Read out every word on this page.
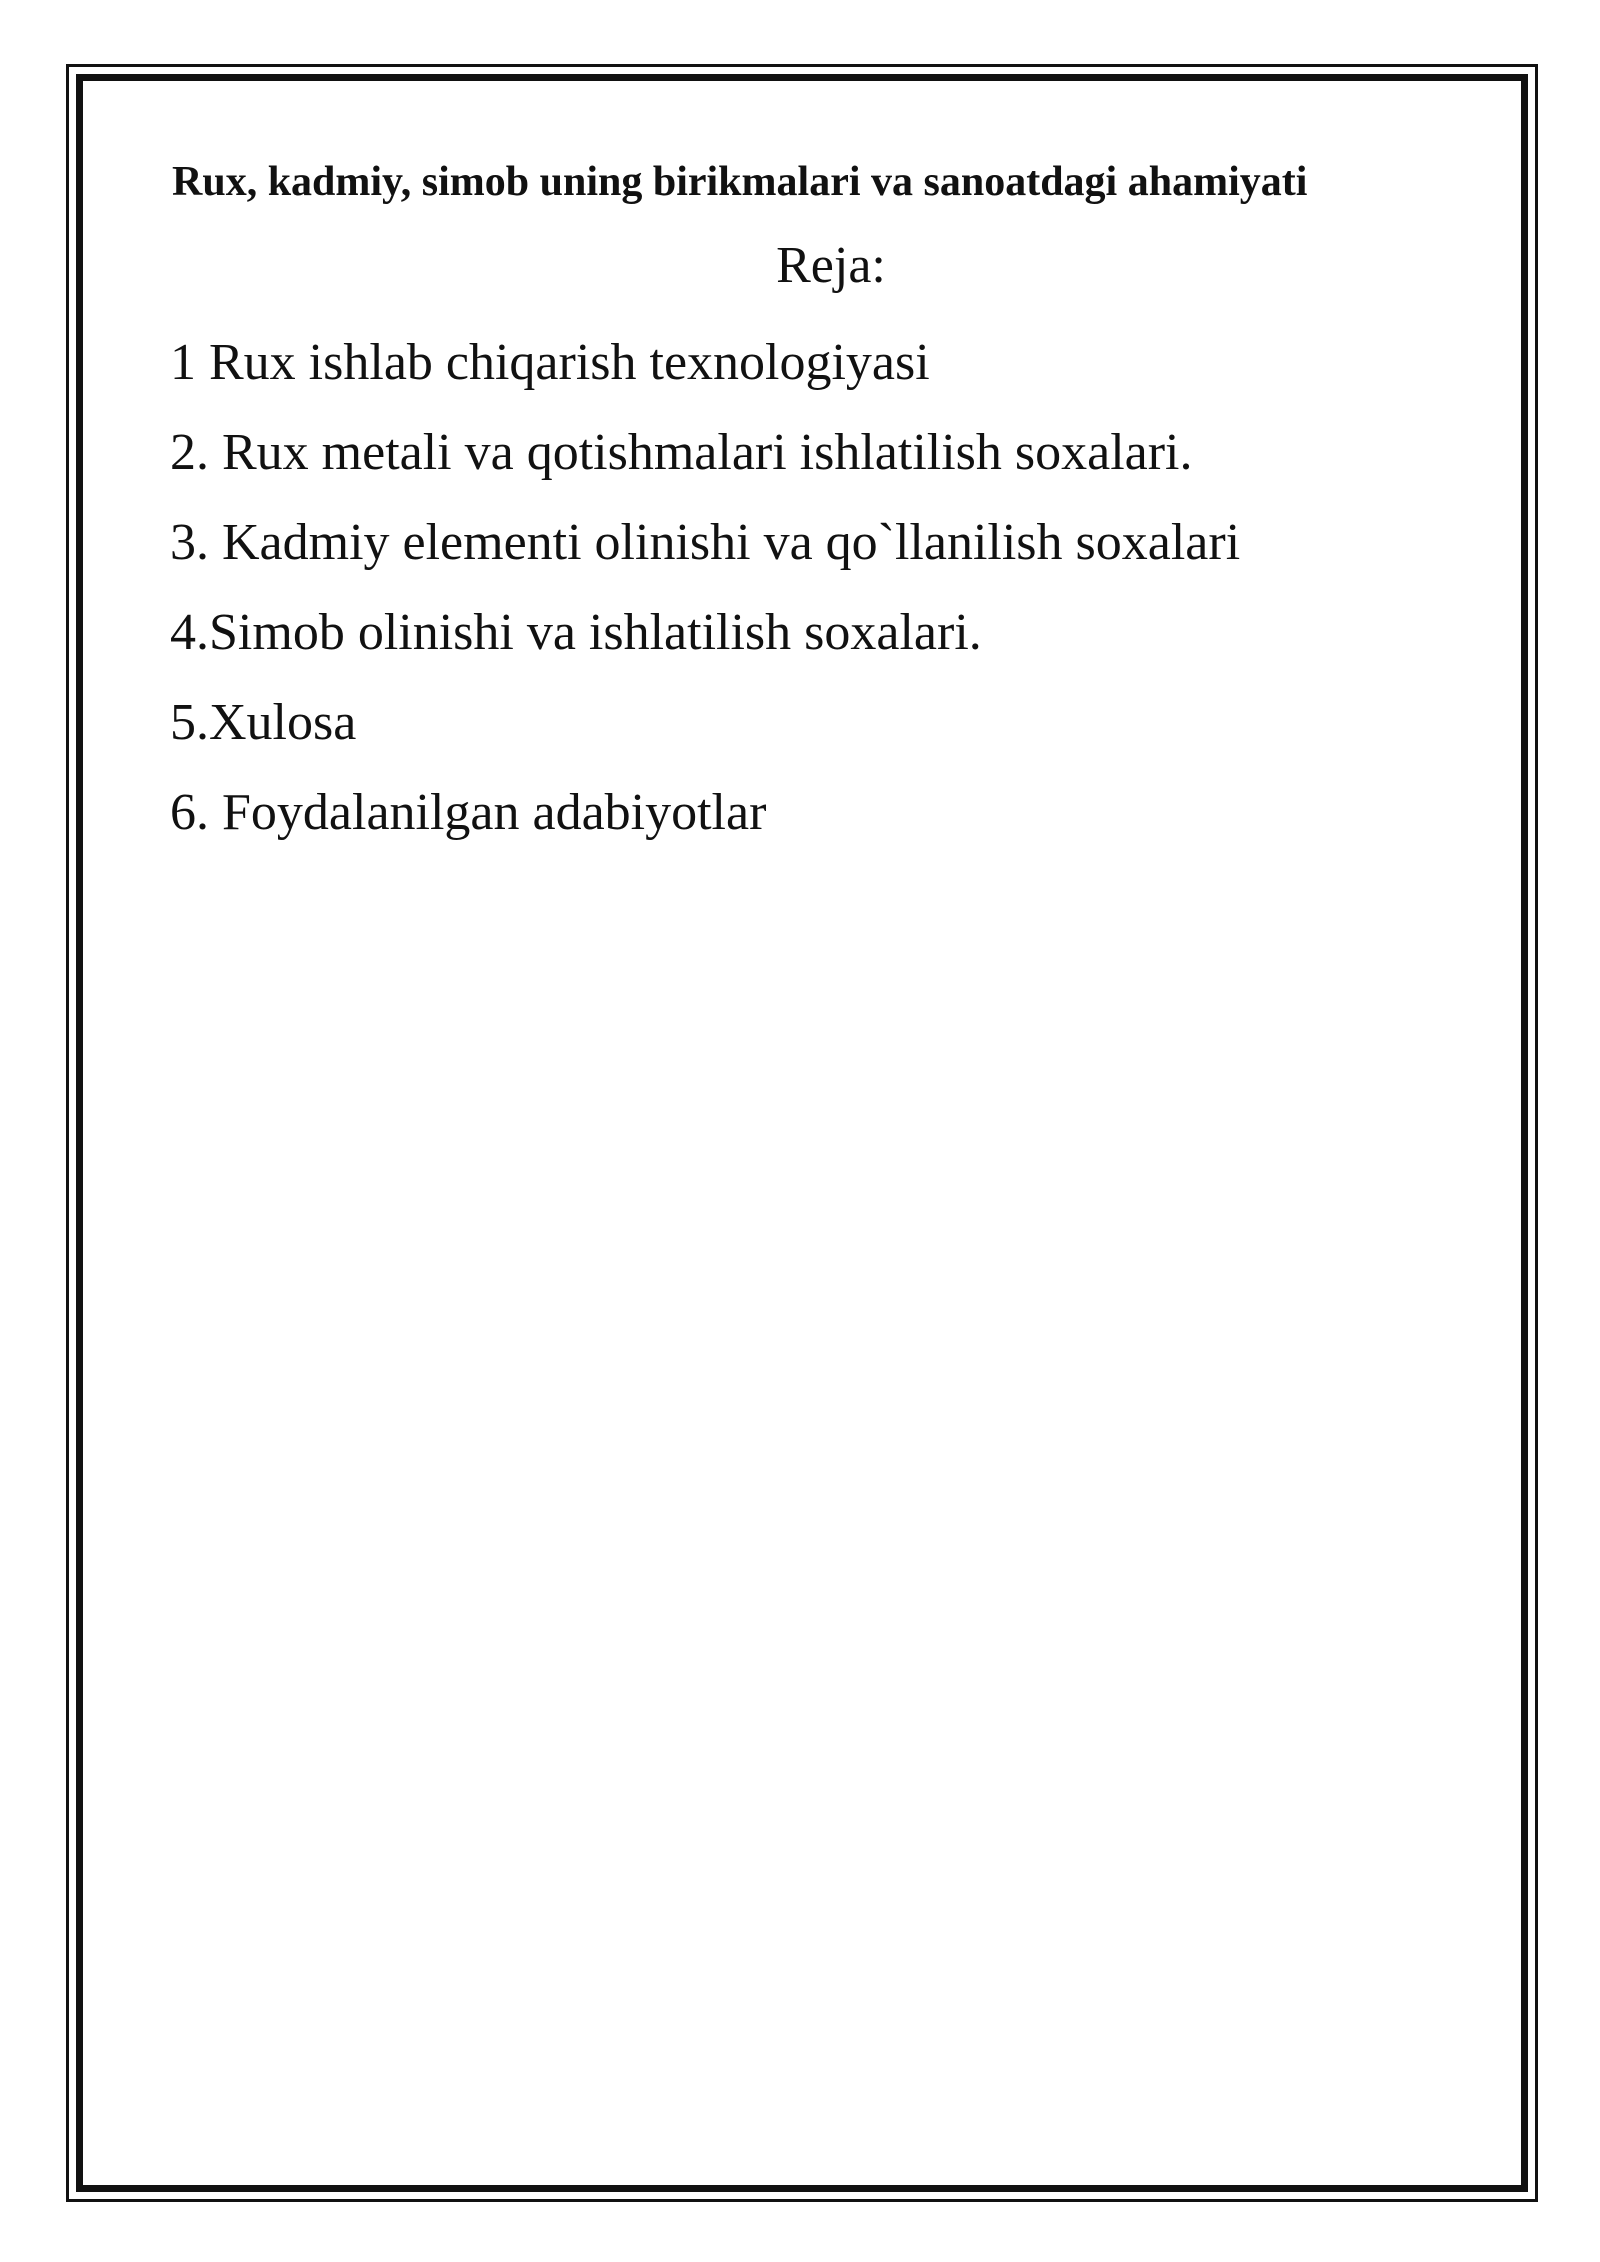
Rux, kadmiy, simob uning birikmalari va sanoatdagi ahamiyati
Reja:
1 Rux ishlab chiqarish texnologiyasi
2. Rux metali va qotishmalari ishlatilish soxalari.
3. Kadmiy elementi olinishi va qo`llanilish soxalari
4.Simob olinishi va ishlatilish soxalari.
5.Xulosa
6. Foydalanilgan adabiyotlar
